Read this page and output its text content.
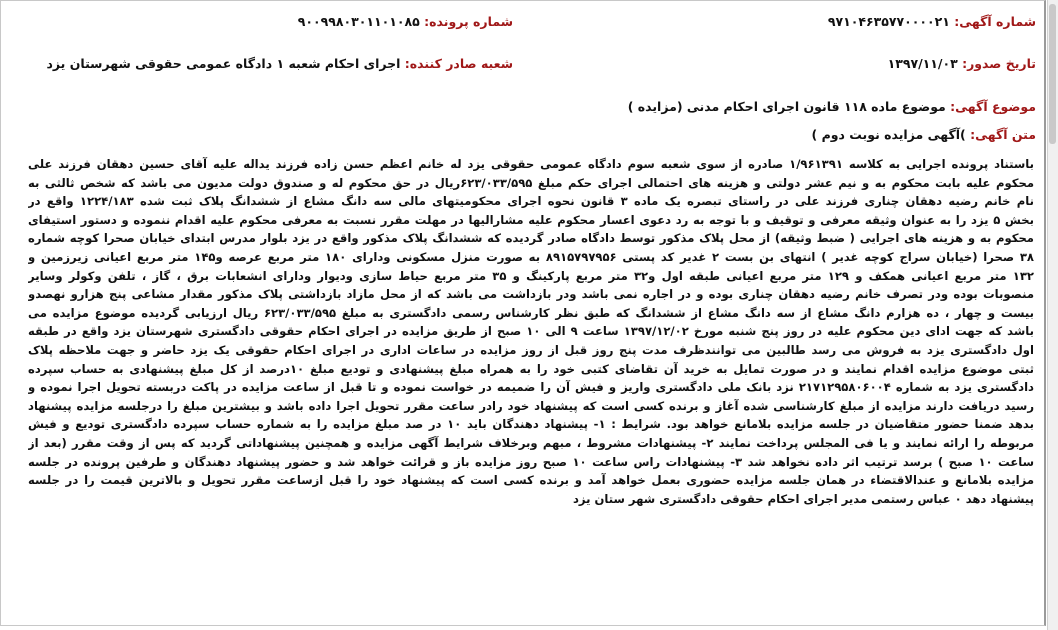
شماره آگهی: ۹۷۱۰۴۶۳۵۷۷۰۰۰۰۲۱
شماره پرونده: ۹۰۰۹۹۸۰۳۰۱۱۰۱۰۸۵
تاریخ صدور: ۱۳۹۷/۱۱/۰۳
شعبه صادر کننده: اجرای احکام شعبه ۱ دادگاه عمومی حقوقی شهرستان یزد
موضوع آگهی: موضوع ماده ۱۱۸ قانون اجرای احکام مدنی (مزایده )
متن آگهی: )آگهی مزایده نوبت دوم )
باستناد پرونده اجرایی به کلاسه ۱/۹۶۱۳۹۱ صادره از سوی شعبه سوم دادگاه عمومی حقوقی یزد له خانم اعظم حسن زاده فرزند یداله علیه آقای حسین دهقان فرزند علی
محکوم علیه بابت محکوم به و نیم عشر دولتی و هزینه های احتمالی اجرای حکم مبلغ ۶۲۳/۰۳۳/۵۹۵ریال در حق محکوم له و صندوق دولت مدیون می باشد که شخص ثالثی به
نام خانم رضیه دهقان چناری فرزند علی در راستای تبصره یک ماده ۳ قانون نحوه اجرای محکومیتهای مالی سه دانگ مشاع از ششدانگ پلاک ثبت شده ۱۲۲۴/۱۸۳ واقع در
بخش ۵ یزد را به عنوان وثیقه معرفی و توقیف و با توجه به رد دعوی اعسار محکوم علیه مشارالیها در مهلت مقرر نسبت به معرفی محکوم علیه اقدام ننموده و دستور استیفای
محکوم به و هزینه های اجرایی ( ضبط وثیقه) از محل پلاک مذکور توسط دادگاه صادر گردیده که ششدانگ پلاک مذکور واقع در یزد بلوار مدرس ابتدای خیابان صحرا کوچه شماره
۳۸ صحرا (خیابان سراج کوچه غدیر ) انتهای بن بست ۲ غدیر کد پستی ۸۹۱۵۷۹۷۹۵۶ به صورت منزل مسکونی ودارای ۱۸۰ متر مربع عرصه و۱۴۵ متر مربع اعیانی زیرزمین و
۱۳۲ متر مربع اعیانی همکف و ۱۲۹ متر مربع اعیانی طبقه اول و۳۲ متر مربع پارکینگ و ۳۵ متر مربع حیاط سازی ودیوار ودارای انشعابات برق ، گاز ، تلفن وکولر وسایر
منصوبات بوده ودر تصرف خانم رضیه دهقان چناری بوده و در اجاره نمی باشد ودر بازداشت می باشد که از محل مازاد بازداشتی پلاک مذکور مقدار مشاعی پنج هزارو نهصدو
بیست و چهار ، ده هزارم دانگ مشاع از سه دانگ مشاع از ششدانگ که طبق نظر کارشناس رسمی دادگستری به مبلغ ۶۲۳/۰۳۳/۵۹۵ ریال ارزیابی گردیده موضوع مزایده می
باشد که جهت ادای دین محکوم علیه در روز پنج شنبه مورخ ۱۳۹۷/۱۲/۰۲ ساعت ۹ الی ۱۰ صبح از طریق مزایده در اجرای احکام حقوقی دادگستری شهرستان یزد واقع در طبقه
اول دادگستری یزد به فروش می رسد طالبین می توانندظرف مدت پنج روز قبل از روز مزایده در ساعات اداری در اجرای احکام حقوقی یک یزد حاضر و جهت ملاحظه پلاک
ثبتی موضوع مزایده اقدام نمایند و در صورت تمایل به خرید آن تقاضای کتبی خود را به همراه مبلغ پیشنهادی و تودیع مبلغ ۱۰درصد از کل مبلغ پیشنهادی به حساب سپرده
دادگستری یزد به شماره ۲۱۷۱۲۹۵۸۰۶۰۰۴ نزد بانک ملی دادگستری واریز و فیش آن را ضمیمه در خواست نموده و تا قبل از ساعت مزایده در پاکت دربسته تحویل اجرا نموده و
رسید دریافت دارند مزایده از مبلغ کارشناسی شده آغاز و برنده کسی است که پیشنهاد خود رادر ساعت مقرر تحویل اجرا داده باشد و بیشترین مبلغ را درجلسه مزایده پیشنهاد
بدهد ضمنا حضور متقاضیان در جلسه مزایده بلامانع خواهد بود. شرایط : ۱- پیشنهاد دهندگان باید ۱۰ در صد مبلغ مزایده را به شماره حساب سپرده دادگستری تودیع و فیش
مربوطه را ارائه نمایند و یا فی المجلس پرداخت نمایند ۲- پیشنهادات مشروط ، مبهم وبرخلاف شرایط آگهی مزایده و همچنین پیشنهاداتی گردید که پس از وقت مقرر (بعد از
ساعت ۱۰ صبح ) برسد ترتیب اثر داده نخواهد شد ۳- پیشنهادات راس ساعت ۱۰ صبح روز مزایده باز و قرائت خواهد شد و حضور پیشنهاد دهندگان و طرفین پرونده در جلسه
مزایده بلامانع و عندالاقتضاء در همان جلسه مزایده حضوری بعمل خواهد آمد و برنده کسی است که پیشنهاد خود را قبل ازساعت مقرر تحویل و بالاترین قیمت را در جلسه
پیشنهاد دهد ۰ عباس رستمی مدیر اجرای احکام حقوقی دادگستری شهر ستان یزد
